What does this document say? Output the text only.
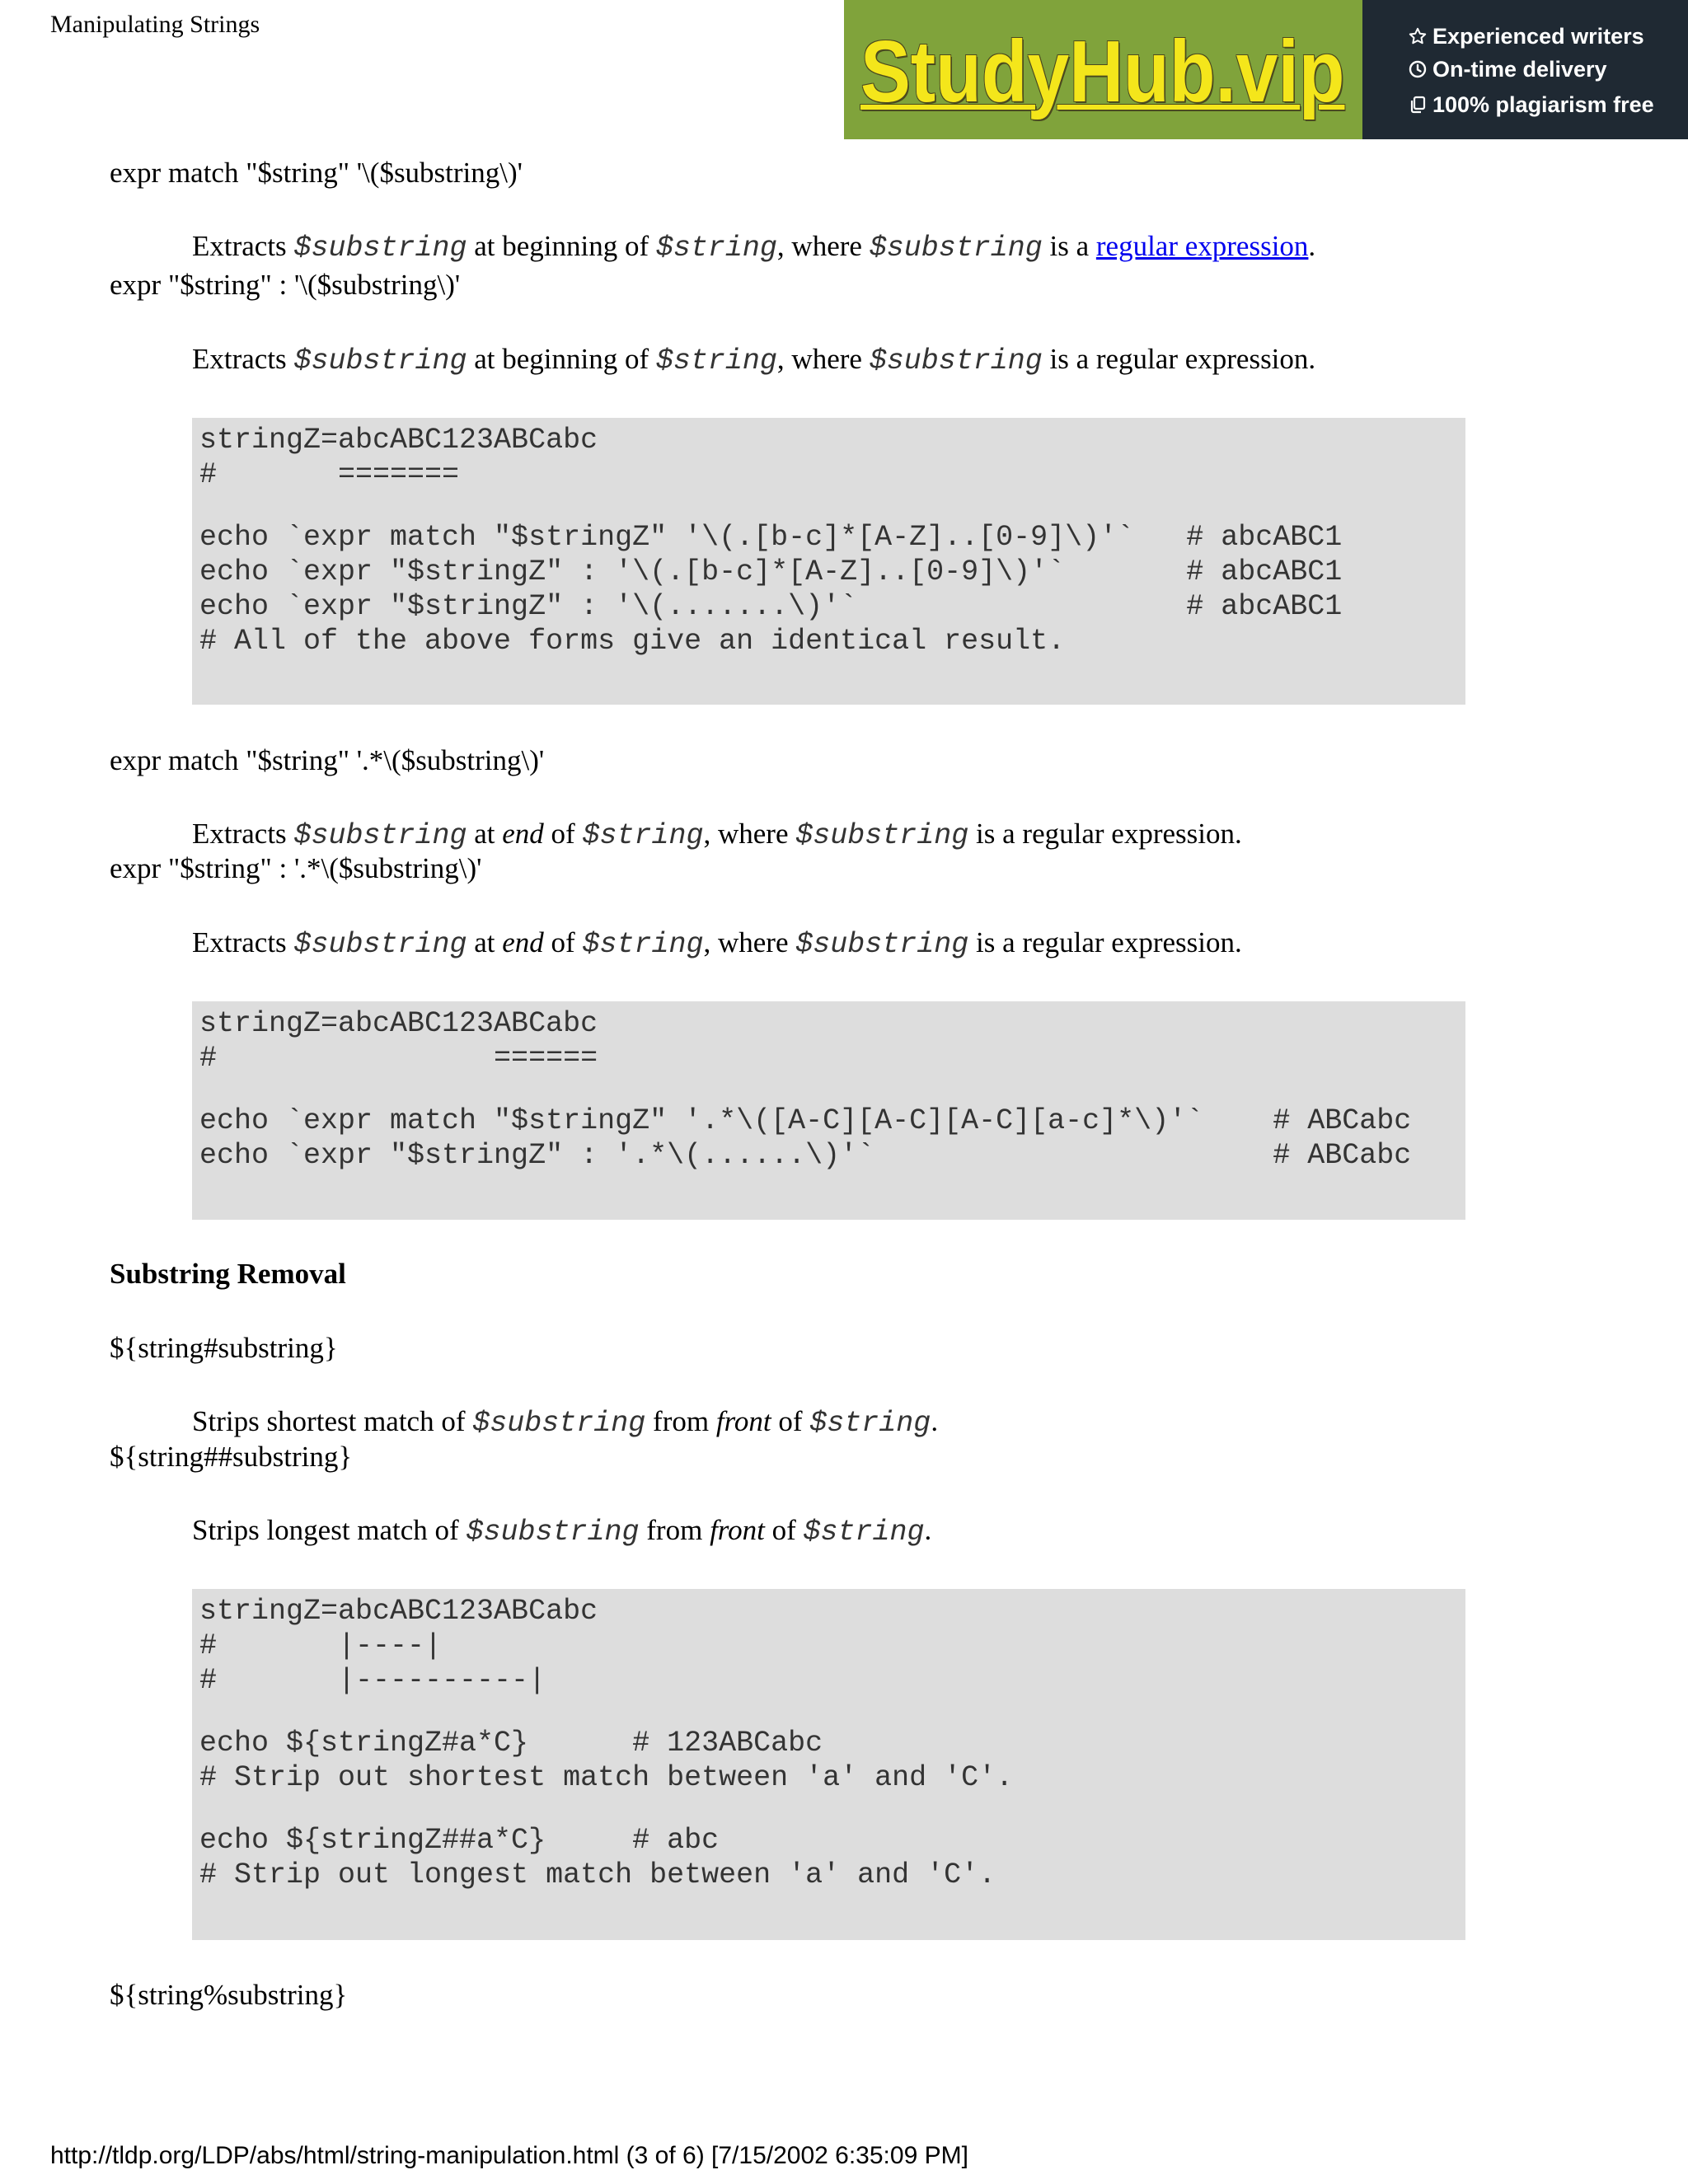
Manipulating Strings	StudyHub.vip	Experienced writers
On-time delivery
100% plagiarism free
expr match "$string" '\($substring\)'
Extracts $substring at beginning of $string, where $substring is a regular expression.
expr "$string" : '\($substring\)'
Extracts $substring at beginning of $string, where $substring is a regular expression.
stringZ=abcABC123ABCabc
#       =======
echo `expr match "$stringZ" '\(.[b-c]*[A-Z]..[0-9]\)'`   # abcABC1
echo `expr "$stringZ" : '\(.[b-c]*[A-Z]..[0-9]\)'`       # abcABC1
echo `expr "$stringZ" : '\(.......\)'`                   # abcABC1
# All of the above forms give an identical result.
expr match "$string" '.*\($substring\)'
Extracts $substring at end of $string, where $substring is a regular expression.
expr "$string" : '.*\($substring\)'
Extracts $substring at end of $string, where $substring is a regular expression.
stringZ=abcABC123ABCabc
#                ======
echo `expr match "$stringZ" '.*\([A-C][A-C][A-C][a-c]*\)'`    # ABCabc
echo `expr "$stringZ" : '.*\(......\)'`                       # ABCabc
Substring Removal
${string#substring}
Strips shortest match of $substring from front of $string.
${string##substring}
Strips longest match of $substring from front of $string.
stringZ=abcABC123ABCabc
#       |----|
#       |----------|
echo ${stringZ#a*C}      # 123ABCabc
# Strip out shortest match between 'a' and 'C'.
echo ${stringZ##a*C}     # abc
# Strip out longest match between 'a' and 'C'.
${string%substring}
http://tldp.org/LDP/abs/html/string-manipulation.html (3 of 6) [7/15/2002 6:35:09 PM]
